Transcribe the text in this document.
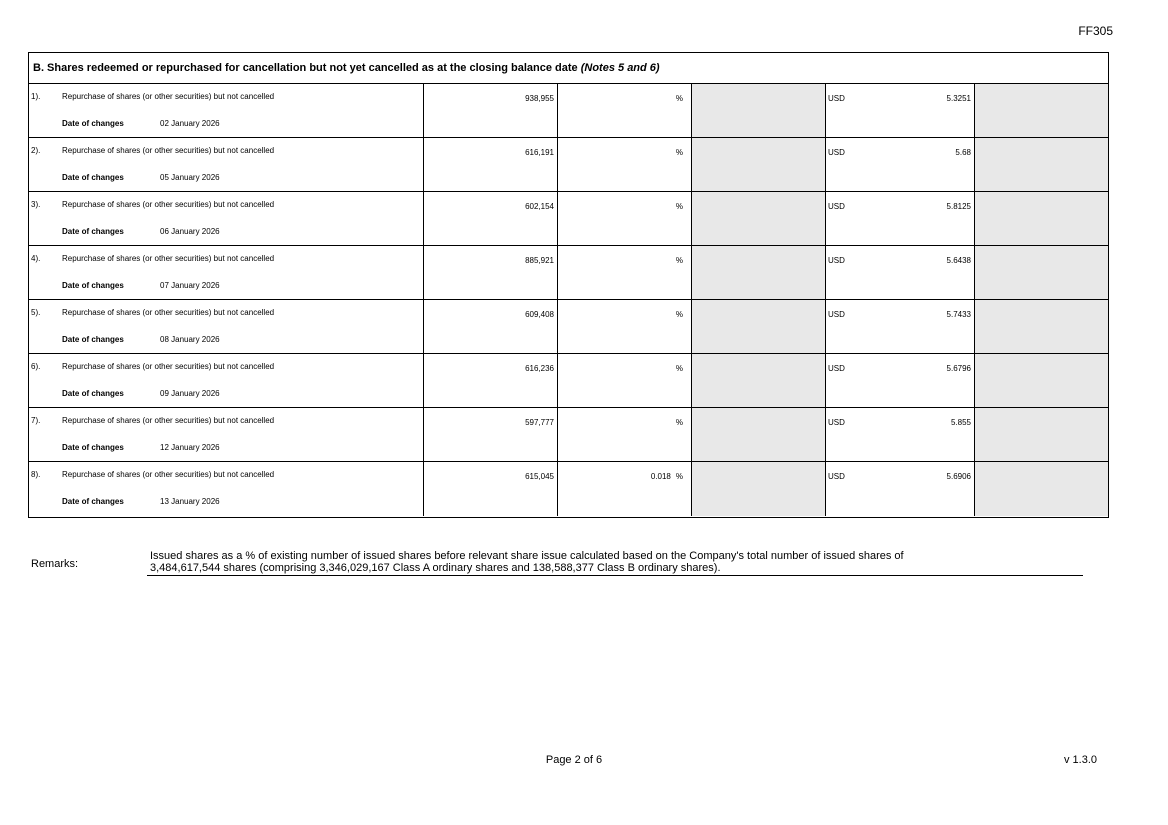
FF305
B. Shares redeemed or repurchased for cancellation but not yet cancelled as at the closing balance date (Notes 5 and 6)
1).	Repurchase of shares (or other securities) but not cancelled
Date of changes	02 January 2026
938,955	%	USD	5.3251
2).	Repurchase of shares (or other securities) but not cancelled
Date of changes	05 January 2026
616,191	%	USD	5.68
3).	Repurchase of shares (or other securities) but not cancelled
Date of changes	06 January 2026
602,154	%	USD	5.8125
4).	Repurchase of shares (or other securities) but not cancelled
Date of changes	07 January 2026
885,921	%	USD	5.6438
5).	Repurchase of shares (or other securities) but not cancelled
Date of changes	08 January 2026
609,408	%	USD	5.7433
6).	Repurchase of shares (or other securities) but not cancelled
Date of changes	09 January 2026
616,236	%	USD	5.6796
7).	Repurchase of shares (or other securities) but not cancelled
Date of changes	12 January 2026
597,777	%	USD	5.855
8).	Repurchase of shares (or other securities) but not cancelled
Date of changes	13 January 2026
615,045	0.018 %	USD	5.6906
Remarks:
Issued shares as a % of existing number of issued shares before relevant share issue calculated based on the Company's total number of issued shares of
3,484,617,544 shares (comprising 3,346,029,167 Class A ordinary shares and 138,588,377 Class B ordinary shares).
Page 2 of 6	v 1.3.0
